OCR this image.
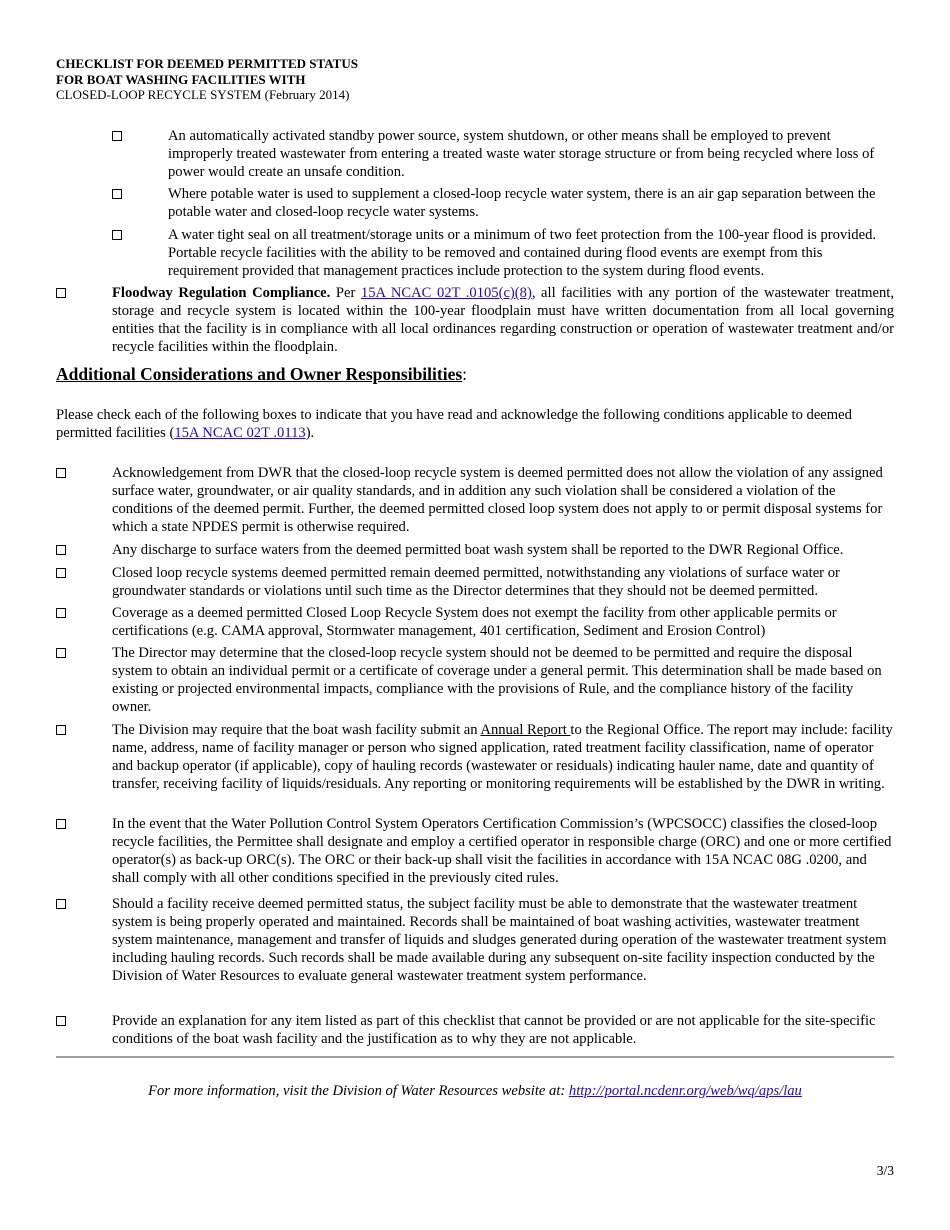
CHECKLIST FOR DEEMED PERMITTED STATUS
FOR BOAT WASHING FACILITIES WITH
CLOSED-LOOP RECYCLE SYSTEM (February 2014)
An automatically activated standby power source, system shutdown, or other means shall be employed to prevent improperly treated wastewater from entering a treated waste water storage structure or from being recycled where loss of power would create an unsafe condition.
Where potable water is used to supplement a closed-loop recycle water system, there is an air gap separation between the potable water and closed-loop recycle water systems.
A water tight seal on all treatment/storage units or a minimum of two feet protection from the 100-year flood is provided. Portable recycle facilities with the ability to be removed and contained during flood events are exempt from this requirement provided that management practices include protection to the system during flood events.
Floodway Regulation Compliance. Per 15A NCAC 02T .0105(c)(8), all facilities with any portion of the wastewater treatment, storage and recycle system is located within the 100-year floodplain must have written documentation from all local governing entities that the facility is in compliance with all local ordinances regarding construction or operation of wastewater treatment and/or recycle facilities within the floodplain.
Additional Considerations and Owner Responsibilities:
Please check each of the following boxes to indicate that you have read and acknowledge the following conditions applicable to deemed permitted facilities (15A NCAC 02T .0113).
Acknowledgement from DWR that the closed-loop recycle system is deemed permitted does not allow the violation of any assigned surface water, groundwater, or air quality standards, and in addition any such violation shall be considered a violation of the conditions of the deemed permit. Further, the deemed permitted closed loop system does not apply to or permit disposal systems for which a state NPDES permit is otherwise required.
Any discharge to surface waters from the deemed permitted boat wash system shall be reported to the DWR Regional Office.
Closed loop recycle systems deemed permitted remain deemed permitted, notwithstanding any violations of surface water or groundwater standards or violations until such time as the Director determines that they should not be deemed permitted.
Coverage as a deemed permitted Closed Loop Recycle System does not exempt the facility from other applicable permits or certifications (e.g. CAMA approval, Stormwater management, 401 certification, Sediment and Erosion Control)
The Director may determine that the closed-loop recycle system should not be deemed to be permitted and require the disposal system to obtain an individual permit or a certificate of coverage under a general permit. This determination shall be made based on existing or projected environmental impacts, compliance with the provisions of Rule, and the compliance history of the facility owner.
The Division may require that the boat wash facility submit an Annual Report to the Regional Office. The report may include: facility name, address, name of facility manager or person who signed application, rated treatment facility classification, name of operator and backup operator (if applicable), copy of hauling records (wastewater or residuals) indicating hauler name, date and quantity of transfer, receiving facility of liquids/residuals. Any reporting or monitoring requirements will be established by the DWR in writing.
In the event that the Water Pollution Control System Operators Certification Commission’s (WPCSOCC) classifies the closed-loop recycle facilities, the Permittee shall designate and employ a certified operator in responsible charge (ORC) and one or more certified operator(s) as back-up ORC(s). The ORC or their back-up shall visit the facilities in accordance with 15A NCAC 08G .0200, and shall comply with all other conditions specified in the previously cited rules.
Should a facility receive deemed permitted status, the subject facility must be able to demonstrate that the wastewater treatment system is being properly operated and maintained. Records shall be maintained of boat washing activities, wastewater treatment system maintenance, management and transfer of liquids and sludges generated during operation of the wastewater treatment system including hauling records. Such records shall be made available during any subsequent on-site facility inspection conducted by the Division of Water Resources to evaluate general wastewater treatment system performance.
Provide an explanation for any item listed as part of this checklist that cannot be provided or are not applicable for the site-specific conditions of the boat wash facility and the justification as to why they are not applicable.
For more information, visit the Division of Water Resources website at: http://portal.ncdenr.org/web/wq/aps/lau
3/3
